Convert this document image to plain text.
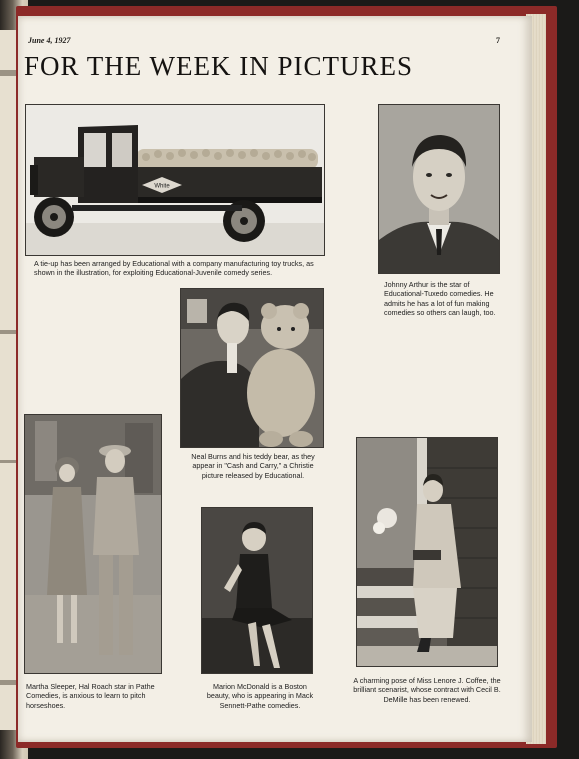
June 4, 1927	7
FOR THE WEEK IN PICTURES
White
A tie-up has been arranged by Educational with a company manufacturing toy trucks, as shown in the illustration, for exploiting Educational-Juvenile comedy series.
Johnny Arthur is the star of Educational-Tuxedo comedies. He admits he has a lot of fun making comedies so others can laugh, too.
Neal Burns and his teddy bear, as they appear in "Cash and Carry," a Christie picture released by Educational.
Martha Sleeper, Hal Roach star in Pathe Comedies, is anxious to learn to pitch horseshoes.
Marion McDonald is a Boston beauty, who is appearing in Mack Sennett-Pathe comedies.
A charming pose of Miss Lenore J. Coffee, the brilliant scenarist, whose contract with Cecil B. DeMille has been renewed.
